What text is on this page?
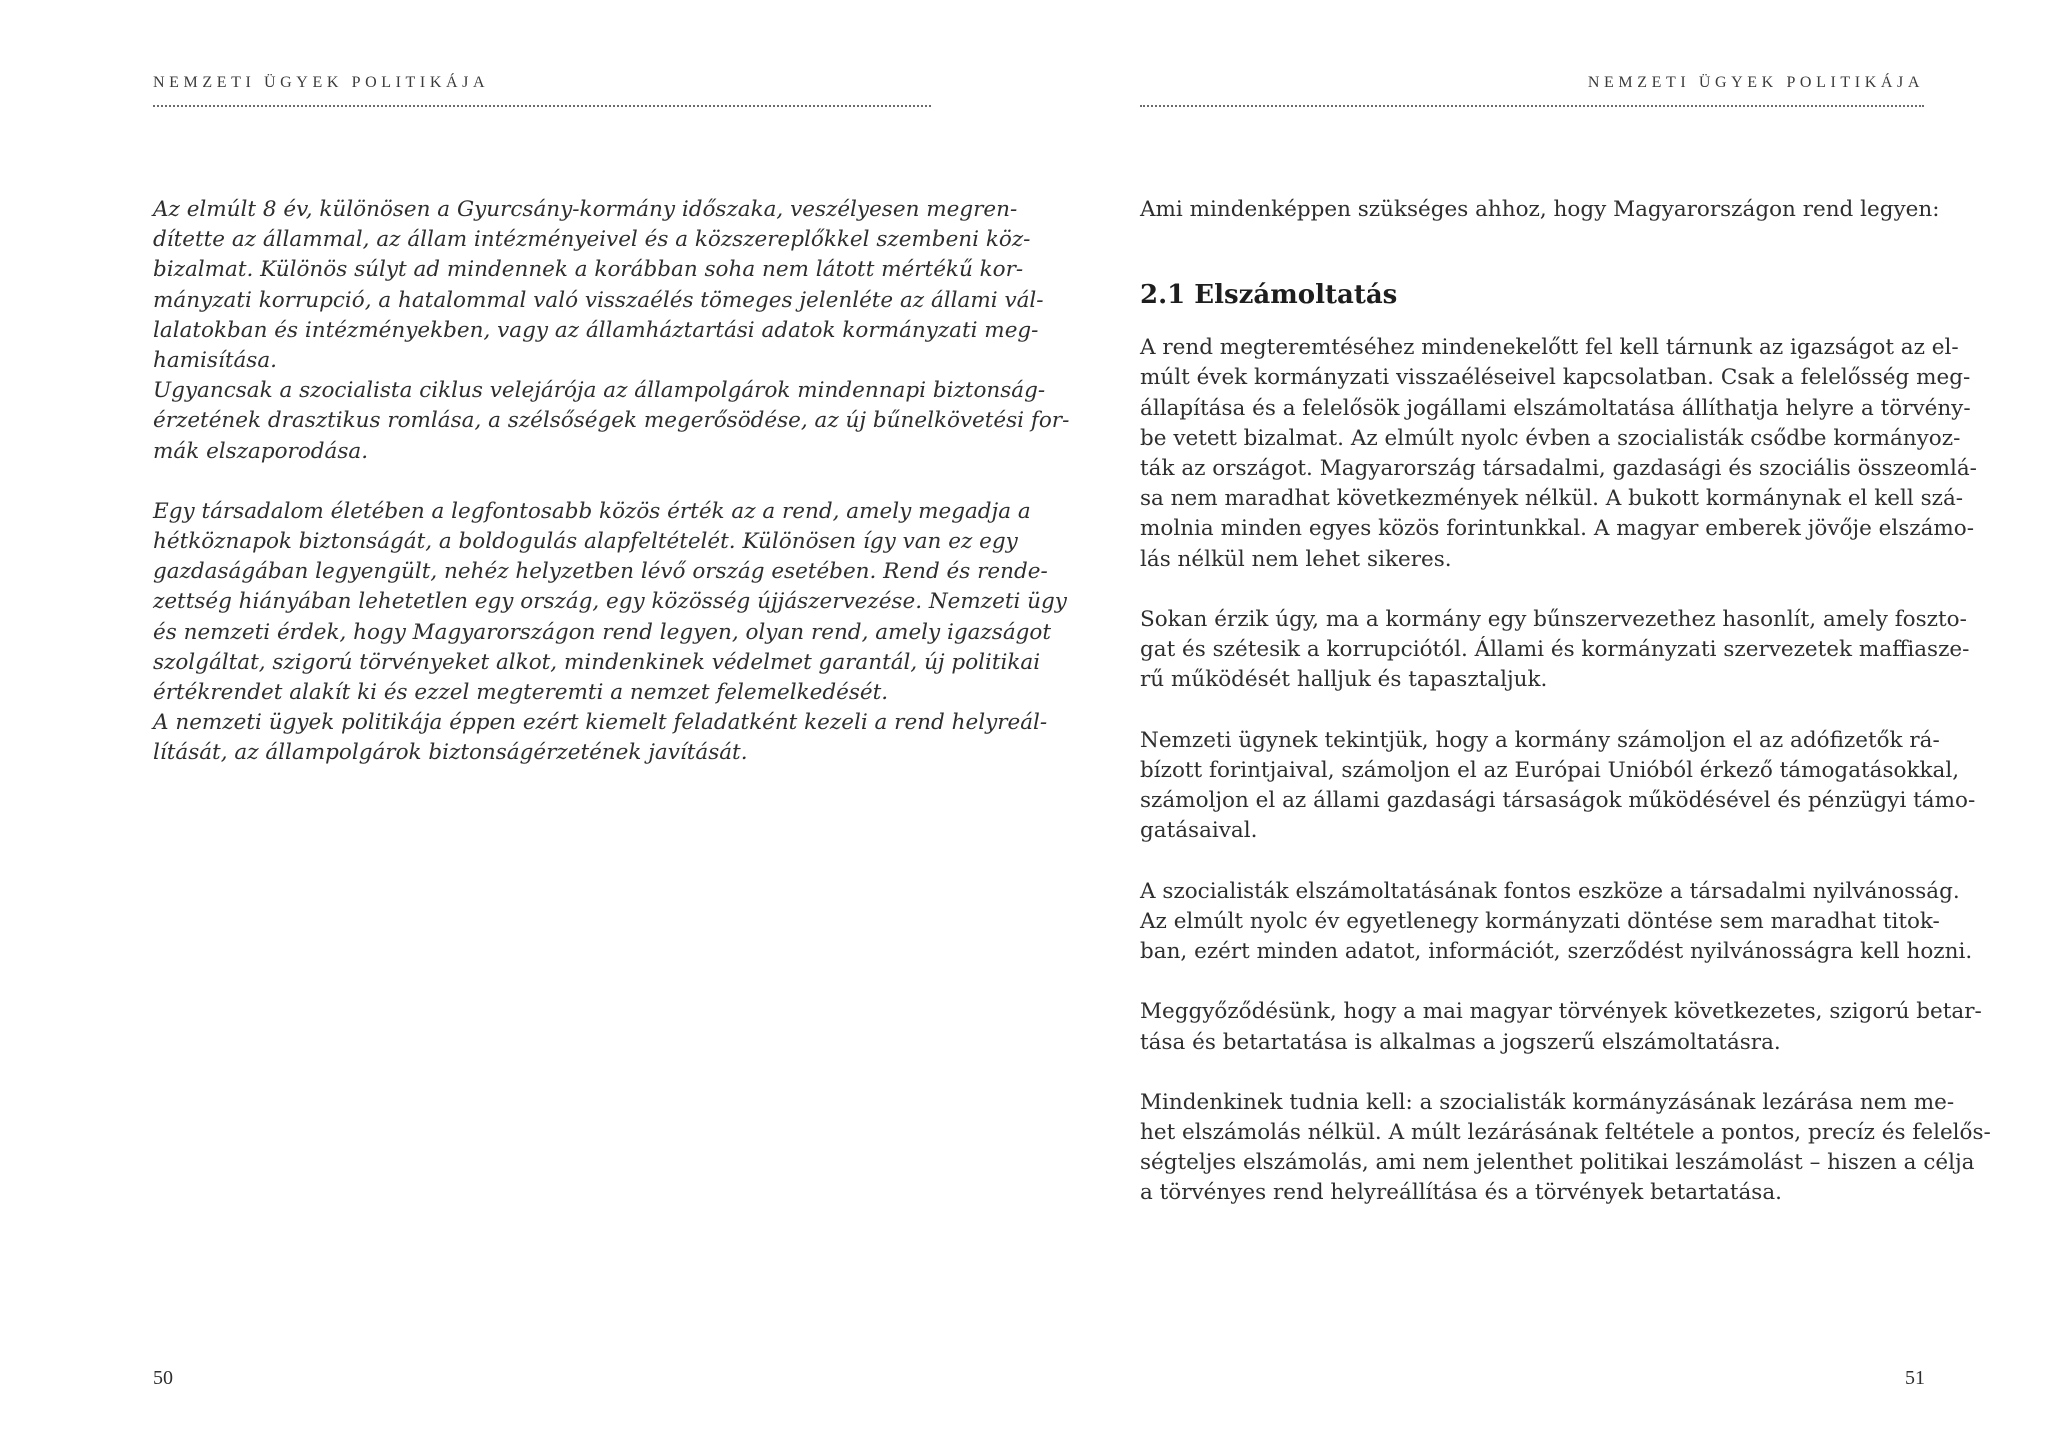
NEMZETI ÜGYEK POLITIKÁJA
Az elmúlt 8 év, különösen a Gyurcsány-kormány időszaka, veszélyesen megren-
dítette az állammal, az állam intézményeivel és a közszereplőkkel szembeni köz-
bizalmat. Különös súlyt ad mindennek a korábban soha nem látott mértékű kor-
mányzati korrupció, a hatalommal való visszaélés tömeges jelenléte az állami vál-
lalatokban és intézményekben, vagy az államháztartási adatok kormányzati meg-
hamisítása.
Ugyancsak a szocialista ciklus velejárója az állampolgárok mindennapi biztonság-
érzetének drasztikus romlása, a szélsőségek megerősödése, az új bűnelkövetési for-
mák elszaporodása.
Egy társadalom életében a legfontosabb közös érték az a rend, amely megadja a
hétköznapok biztonságát, a boldogulás alapfeltételét. Különösen így van ez egy
gazdaságában legyengült, nehéz helyzetben lévő ország esetében. Rend és rende-
zettség hiányában lehetetlen egy ország, egy közösség újjászervezése. Nemzeti ügy
és nemzeti érdek, hogy Magyarországon rend legyen, olyan rend, amely igazságot
szolgáltat, szigorú törvényeket alkot, mindenkinek védelmet garantál, új politikai
értékrendet alakít ki és ezzel megteremti a nemzet felemelkedését.
A nemzeti ügyek politikája éppen ezért kiemelt feladatként kezeli a rend helyreál-
lítását, az állampolgárok biztonságérzetének javítását.
50
NEMZETI ÜGYEK POLITIKÁJA
Ami mindenképpen szükséges ahhoz, hogy Magyarországon rend legyen:
2.1 Elszámoltatás
A rend megteremtéséhez mindenekelőtt fel kell tárnunk az igazságot az el-
múlt évek kormányzati visszaéléseivel kapcsolatban. Csak a felelősség meg-
állapítása és a felelősök jogállami elszámoltatása állíthatja helyre a törvény-
be vetett bizalmat. Az elmúlt nyolc évben a szocialisták csődbe kormányoz-
ták az országot. Magyarország társadalmi, gazdasági és szociális összeomlá-
sa nem maradhat következmények nélkül. A bukott kormánynak el kell szá-
molnia minden egyes közös forintunkkal. A magyar emberek jövője elszámo-
lás nélkül nem lehet sikeres.
Sokan érzik úgy, ma a kormány egy bűnszervezethez hasonlít, amely foszto-
gat és szétesik a korrupciótól. Állami és kormányzati szervezetek maffiasze-
rű működését halljuk és tapasztaljuk.
Nemzeti ügynek tekintjük, hogy a kormány számoljon el az adófizetők rá-
bízott forintjaival, számoljon el az Európai Unióból érkező támogatásokkal,
számoljon el az állami gazdasági társaságok működésével és pénzügyi támo-
gatásaival.
A szocialisták elszámoltatásának fontos eszköze a társadalmi nyilvánosság.
Az elmúlt nyolc év egyetlenegy kormányzati döntése sem maradhat titok-
ban, ezért minden adatot, információt, szerződést nyilvánosságra kell hozni.
Meggyőződésünk, hogy a mai magyar törvények következetes, szigorú betar-
tása és betartatása is alkalmas a jogszerű elszámoltatásra.
Mindenkinek tudnia kell: a szocialisták kormányzásának lezárása nem me-
het elszámolás nélkül. A múlt lezárásának feltétele a pontos, precíz és felelős-
ségteljes elszámolás, ami nem jelenthet politikai leszámolást – hiszen a célja
a törvényes rend helyreállítása és a törvények betartatása.
51
